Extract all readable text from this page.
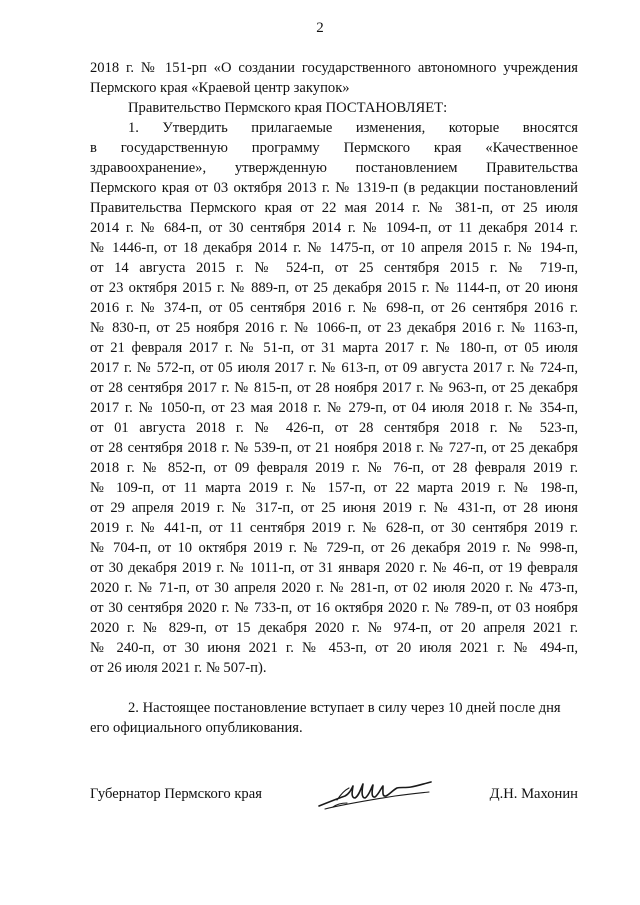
2
2018 г. № 151-рп «О создании государственного автономного учреждения
Пермского края «Краевой центр закупок»
Правительство Пермского края ПОСТАНОВЛЯЕТ:
1. Утвердить прилагаемые изменения, которые вносятся
в государственную программу Пермского края «Качественное
здравоохранение», утвержденную постановлением Правительства
Пермского края от 03 октября 2013 г. № 1319-п (в редакции постановлений
Правительства Пермского края от 22 мая 2014 г. № 381-п, от 25 июля
2014 г. № 684-п, от 30 сентября 2014 г. № 1094-п, от 11 декабря 2014 г.
№ 1446-п, от 18 декабря 2014 г. № 1475-п, от 10 апреля 2015 г. № 194-п,
от 14 августа 2015 г. № 524-п, от 25 сентября 2015 г. № 719-п,
от 23 октября 2015 г. № 889-п, от 25 декабря 2015 г. № 1144-п, от 20 июня
2016 г. № 374-п, от 05 сентября 2016 г. № 698-п, от 26 сентября 2016 г.
№ 830-п, от 25 ноября 2016 г. № 1066-п, от 23 декабря 2016 г. № 1163-п,
от 21 февраля 2017 г. № 51-п, от 31 марта 2017 г. № 180-п, от 05 июля
2017 г. № 572-п, от 05 июля 2017 г. № 613-п, от 09 августа 2017 г. № 724-п,
от 28 сентября 2017 г. № 815-п, от 28 ноября 2017 г. № 963-п, от 25 декабря
2017 г. № 1050-п, от 23 мая 2018 г. № 279-п, от 04 июля 2018 г. № 354-п,
от 01 августа 2018 г. № 426-п, от 28 сентября 2018 г. № 523-п,
от 28 сентября 2018 г. № 539-п, от 21 ноября 2018 г. № 727-п, от 25 декабря
2018 г. № 852-п, от 09 февраля 2019 г. № 76-п, от 28 февраля 2019 г.
№ 109-п, от 11 марта 2019 г. № 157-п, от 22 марта 2019 г. № 198-п,
от 29 апреля 2019 г. № 317-п, от 25 июня 2019 г. № 431-п, от 28 июня
2019 г. № 441-п, от 11 сентября 2019 г. № 628-п, от 30 сентября 2019 г.
№ 704-п, от 10 октября 2019 г. № 729-п, от 26 декабря 2019 г. № 998-п,
от 30 декабря 2019 г. № 1011-п, от 31 января 2020 г. № 46-п, от 19 февраля
2020 г. № 71-п, от 30 апреля 2020 г. № 281-п, от 02 июля 2020 г. № 473-п,
от 30 сентября 2020 г. № 733-п, от 16 октября 2020 г. № 789-п, от 03 ноября
2020 г. № 829-п, от 15 декабря 2020 г. № 974-п, от 20 апреля 2021 г.
№ 240-п, от 30 июня 2021 г. № 453-п, от 20 июля 2021 г. № 494-п,
от 26 июля 2021 г. № 507-п).
2. Настоящее постановление вступает в силу через 10 дней после дня
его официального опубликования.
Губернатор Пермского края	Д.Н. Махонин
